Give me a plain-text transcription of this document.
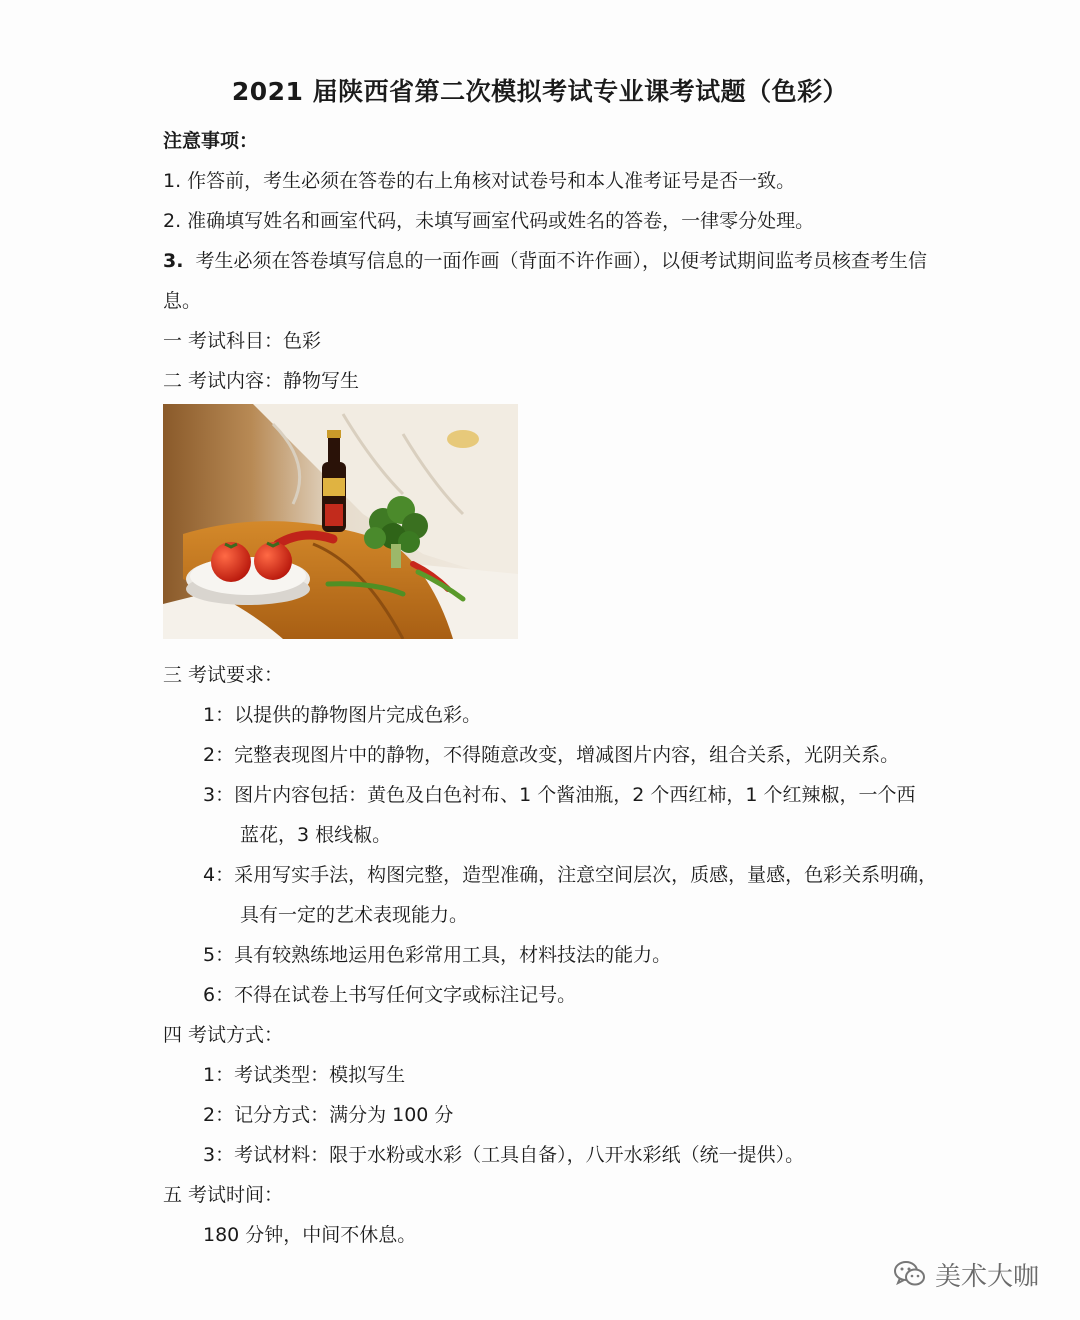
2021 届陕西省第二次模拟考试专业课考试题（色彩）
注意事项：
1. 作答前，考生必须在答卷的右上角核对试卷号和本人准考证号是否一致。
2. 准确填写姓名和画室代码，未填写画室代码或姓名的答卷，一律零分处理。
3. 考生必须在答卷填写信息的一面作画（背面不许作画），以便考试期间监考员核查考生信
息。
一 考试科目：色彩
二 考试内容：静物写生
三 考试要求：
1：以提供的静物图片完成色彩。
2：完整表现图片中的静物，不得随意改变，增减图片内容，组合关系，光阴关系。
3：图片内容包括：黄色及白色衬布、1 个酱油瓶，2 个西红柿，1 个红辣椒，一个西
蓝花，3 根线椒。
4：采用写实手法，构图完整，造型准确，注意空间层次，质感，量感，色彩关系明确，
具有一定的艺术表现能力。
5：具有较熟练地运用色彩常用工具，材料技法的能力。
6：不得在试卷上书写任何文字或标注记号。
四 考试方式：
1：考试类型：模拟写生
2：记分方式：满分为 100 分
3：考试材料：限于水粉或水彩（工具自备），八开水彩纸（统一提供）。
五 考试时间：
180 分钟，中间不休息。
美术大咖
